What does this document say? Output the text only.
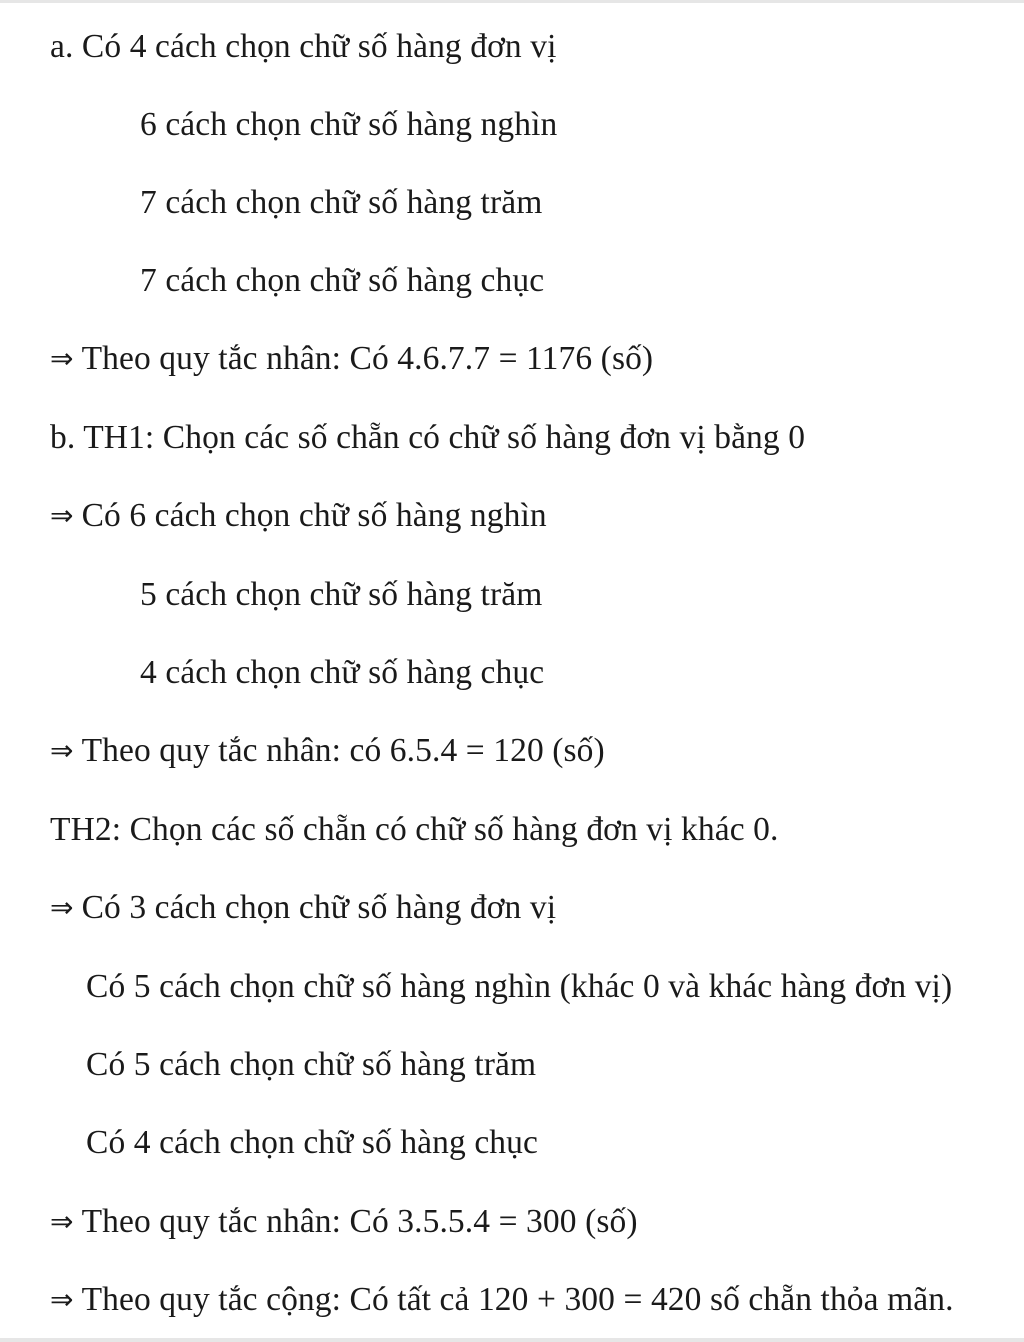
a. Có 4 cách chọn chữ số hàng đơn vị
6 cách chọn chữ số hàng nghìn
7 cách chọn chữ số hàng trăm
7 cách chọn chữ số hàng chục
⇒ Theo quy tắc nhân: Có 4.6.7.7 = 1176 (số)
b. TH1: Chọn các số chẵn có chữ số hàng đơn vị bằng 0
⇒ Có 6 cách chọn chữ số hàng nghìn
5 cách chọn chữ số hàng trăm
4 cách chọn chữ số hàng chục
⇒ Theo quy tắc nhân: có 6.5.4 = 120 (số)
TH2: Chọn các số chẵn có chữ số hàng đơn vị khác 0.
⇒ Có 3 cách chọn chữ số hàng đơn vị
Có 5 cách chọn chữ số hàng nghìn (khác 0 và khác hàng đơn vị)
Có 5 cách chọn chữ số hàng trăm
Có 4 cách chọn chữ số hàng chục
⇒ Theo quy tắc nhân: Có 3.5.5.4 = 300 (số)
⇒ Theo quy tắc cộng: Có tất cả 120 + 300 = 420 số chẵn thỏa mãn.
